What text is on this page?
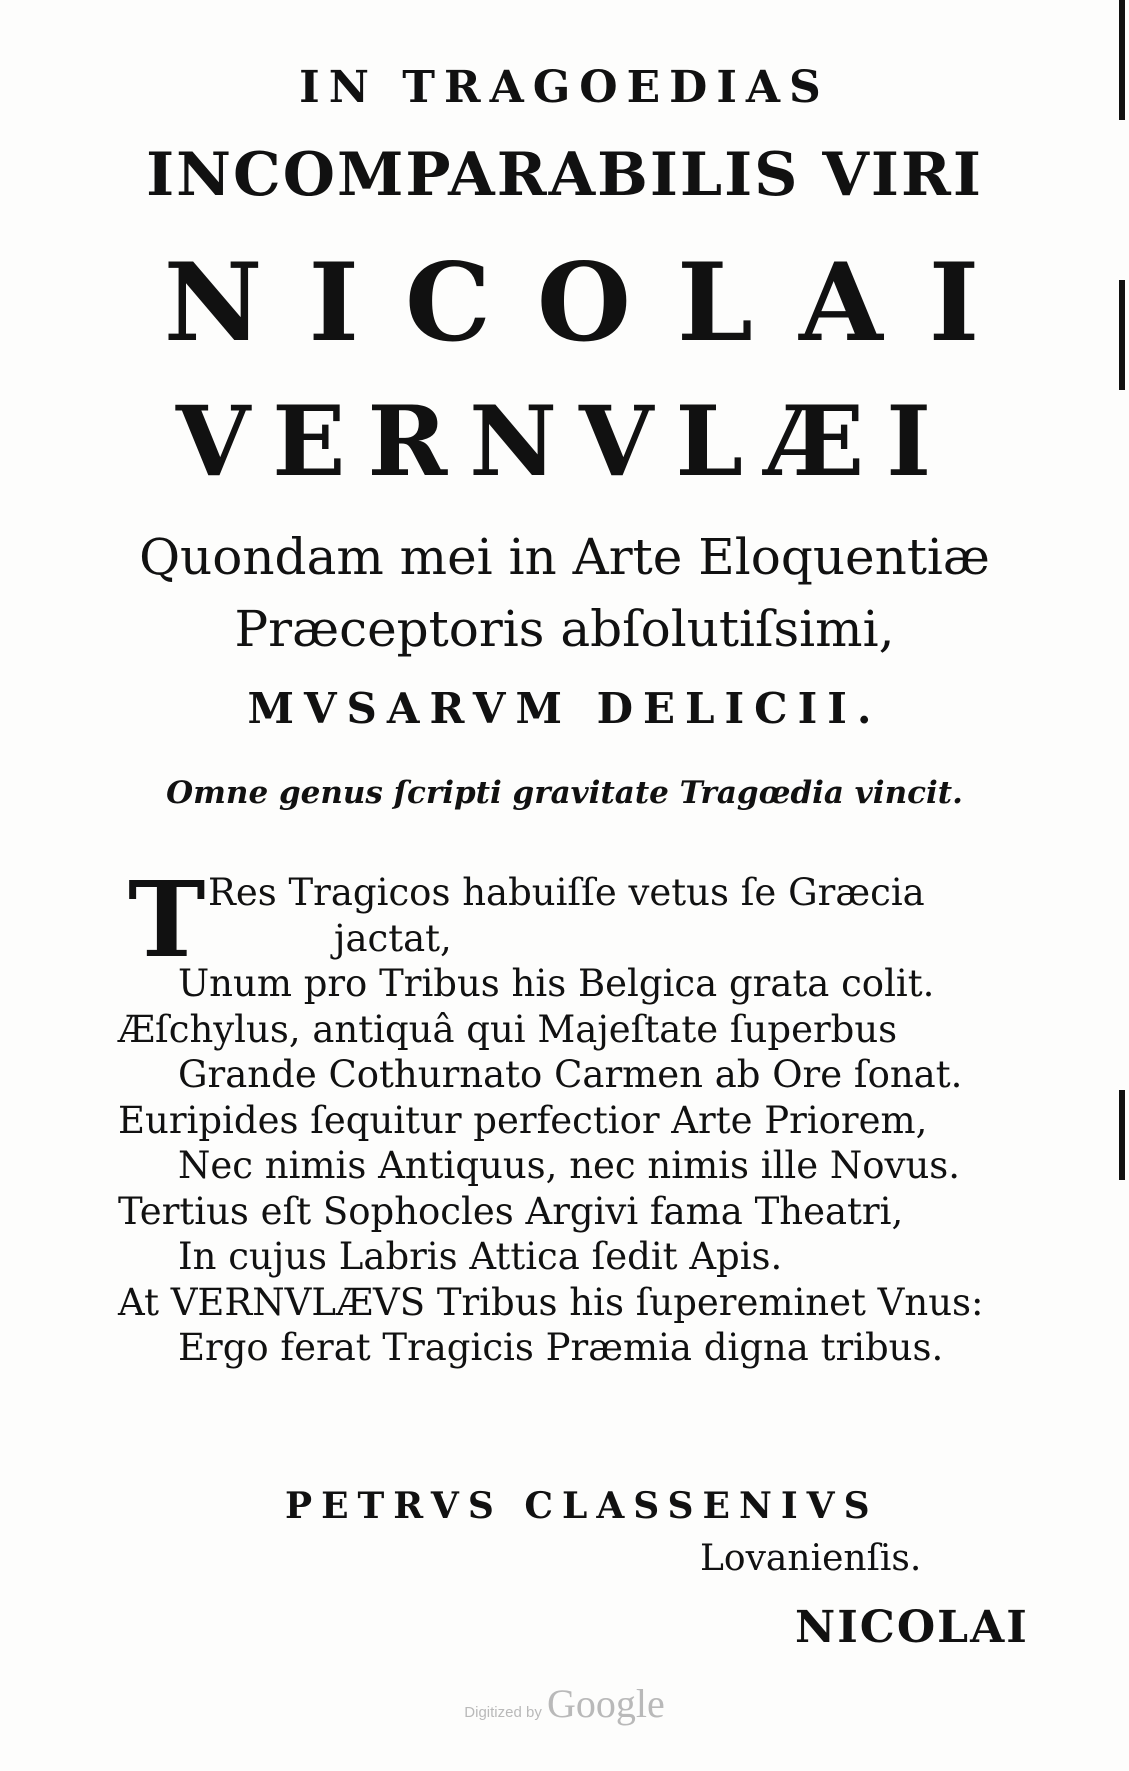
IN TRAGOEDIAS
INCOMPARABILIS VIRI
NICOLAI
VERNVLÆI
Quondam mei in Arte Eloquentiæ
Præceptoris abſolutiſsimi,
MVSARVM DELICII.
Omne genus ſcripti gravitate Tragœdia vincit.
T Res Tragicos habuiſſe vetus ſe Græcia
jactat,
Unum pro Tribus his Belgica grata colit.
Æſchylus, antiquâ qui Majeſtate ſuperbus
Grande Cothurnato Carmen ab Ore ſonat.
Euripides ſequitur perfectior Arte Priorem,
Nec nimis Antiquus, nec nimis ille Novus.
Tertius eſt Sophocles Argivi fama Theatri,
In cujus Labris Attica ſedit Apis.
At VERNVLÆVS Tribus his ſupereminet Vnus:
Ergo ferat Tragicis Præmia digna tribus.
PETRVS CLASSENIVS
Lovanienſis.
NICOLAI
Digitized by Google
